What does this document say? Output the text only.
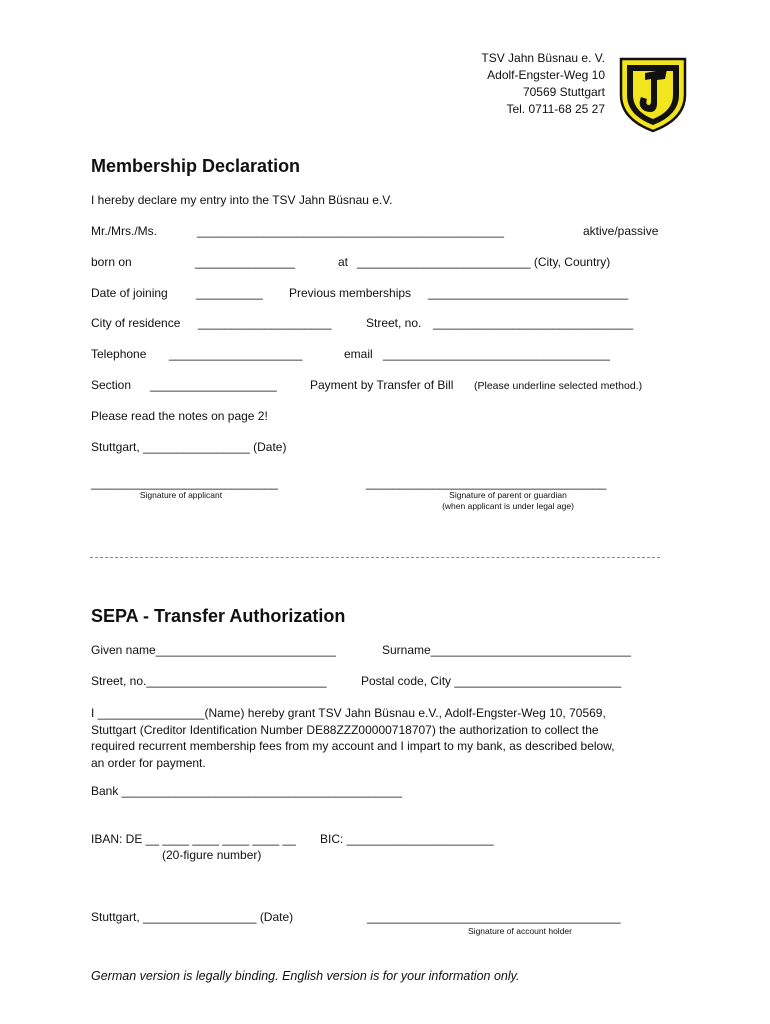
TSV Jahn Büsnau e. V.
Adolf-Engster-Weg 10
70569 Stuttgart
Tel. 0711-68 25 27
Membership Declaration
I hereby declare my entry into the TSV Jahn Büsnau e.V.
Mr./Mrs./Ms.	______________________________________________	aktive/passive
born on	_______________	at __________________________ (City, Country)
Date of joining __________ Previous memberships ______________________________
City of residence ____________________	Street, no. ______________________________
Telephone ____________________	email __________________________________
Section ___________________	Payment by Transfer of Bill (Please underline selected method.)
Please read the notes on page 2!
Stuttgart, ________________ (Date)
____________________________
Signature of applicant
____________________________________
Signature of parent or guardian
(when applicant is under legal age)
SEPA - Transfer Authorization
Given name___________________________	Surname______________________________
Street, no.___________________________	Postal code, City _________________________
I ________________(Name) hereby grant TSV Jahn Büsnau e.V., Adolf-Engster-Weg 10, 70569,
Stuttgart (Creditor Identification Number DE88ZZZ00000718707) the authorization to collect the
required recurrent membership fees from my account and I impart to my bank, as described below,
an order for payment.
Bank __________________________________________
IBAN: DE __ ____ ____ ____ ____ __ BIC: ______________________
(20-figure number)
Stuttgart, _________________ (Date)	______________________________________
Signature of account holder
German version is legally binding. English version is for your information only.
